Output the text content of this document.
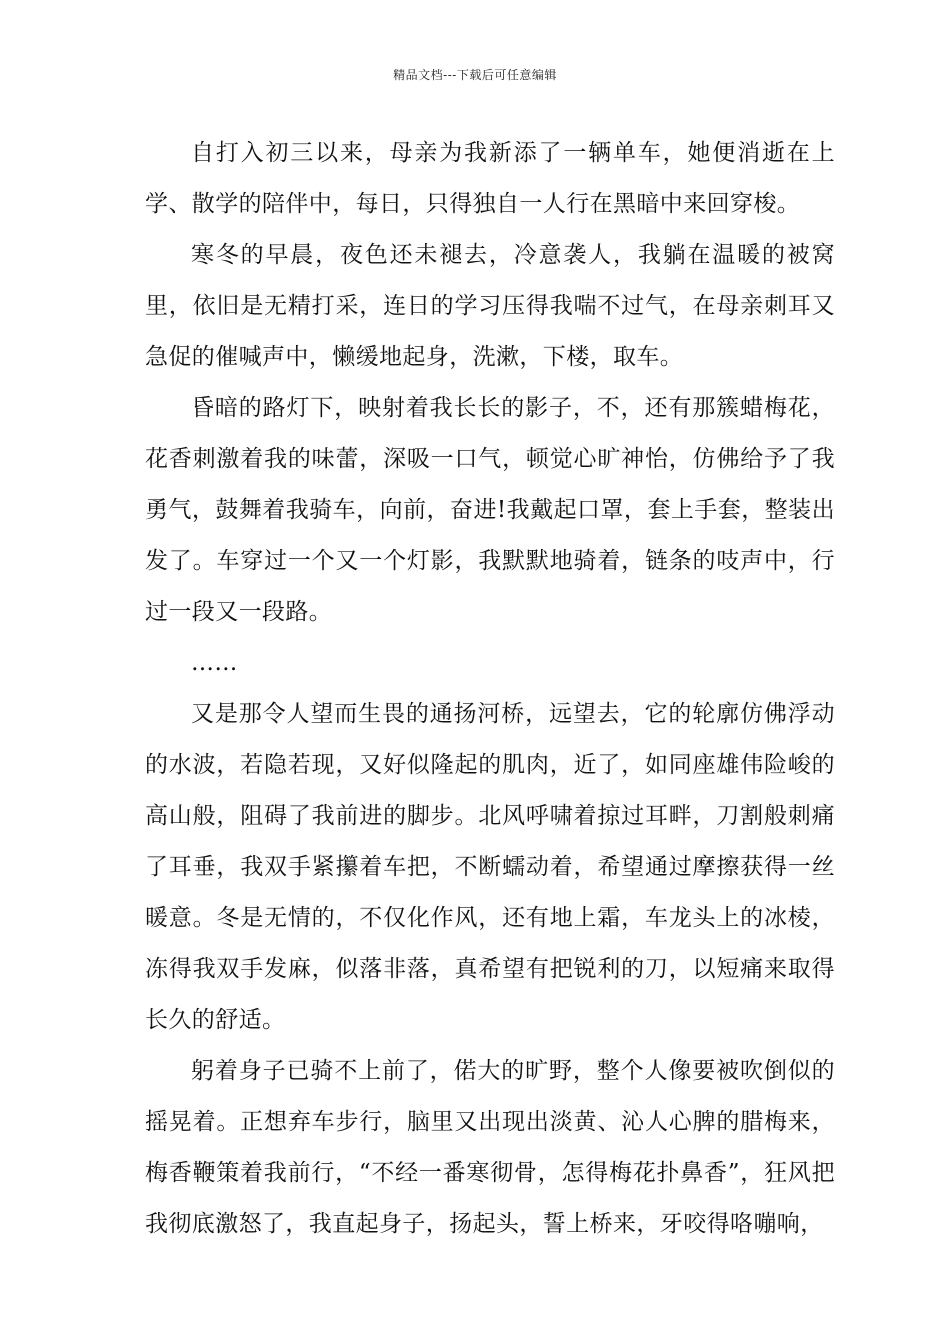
精品文档---下载后可任意编辑

自打入初三以来，母亲为我新添了一辆单车，她便消逝在上学、散学的陪伴中，每日，只得独自一人行在黑暗中来回穿梭。

寒冬的早晨，夜色还未褪去，冷意袭人，我躺在温暖的被窝里，依旧是无精打采，连日的学习压得我喘不过气，在母亲刺耳又急促的催喊声中，懒缓地起身，洗漱，下楼，取车。

昏暗的路灯下，映射着我长长的影子，不，还有那簇蜡梅花，花香刺激着我的味蕾，深吸一口气，顿觉心旷神怡，仿佛给予了我勇气，鼓舞着我骑车，向前，奋进!我戴起口罩，套上手套，整装出发了。车穿过一个又一个灯影，我默默地骑着，链条的吱声中，行过一段又一段路。

……

又是那令人望而生畏的通扬河桥，远望去，它的轮廓仿佛浮动的水波，若隐若现，又好似隆起的肌肉，近了，如同座雄伟险峻的高山般，阻碍了我前进的脚步。北风呼啸着掠过耳畔，刀割般刺痛了耳垂，我双手紧攥着车把，不断蠕动着，希望通过摩擦获得一丝暖意。冬是无情的，不仅化作风，还有地上霜，车龙头上的冰棱，冻得我双手发麻，似落非落，真希望有把锐利的刀，以短痛来取得长久的舒适。

躬着身子已骑不上前了，偌大的旷野，整个人像要被吹倒似的摇晃着。正想弃车步行，脑里又出现出淡黄、沁人心脾的腊梅来，梅香鞭策着我前行，“不经一番寒彻骨，怎得梅花扑鼻香”，狂风把我彻底激怒了，我直起身子，扬起头，誓上桥来，牙咬得咯嘣响，
